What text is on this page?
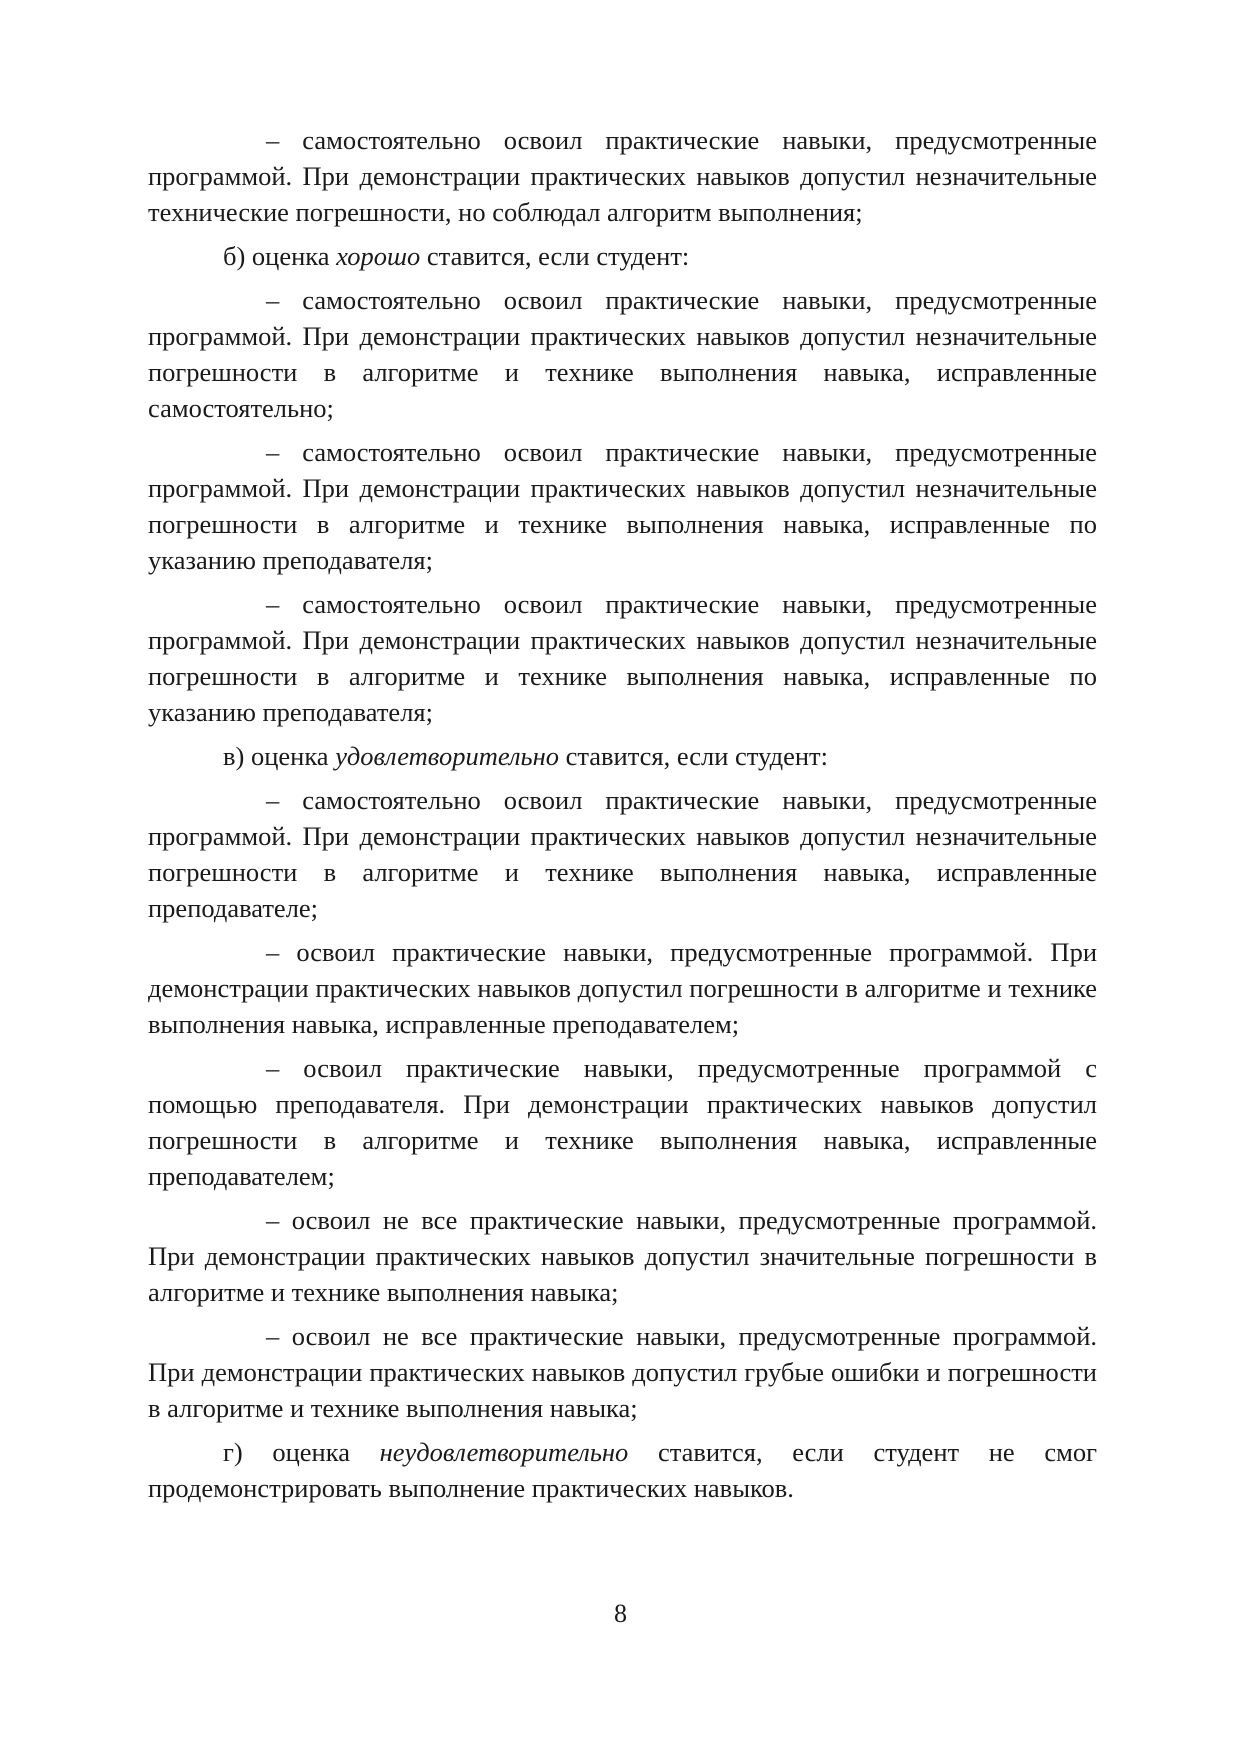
– самостоятельно освоил практические навыки, предусмотренные программой. При демонстрации практических навыков допустил незначительные технические погрешности, но соблюдал алгоритм выполнения;

б) оценка хорошо ставится, если студент:

– самостоятельно освоил практические навыки, предусмотренные программой. При демонстрации практических навыков допустил незначительные погрешности в алгоритме и технике выполнения навыка, исправленные самостоятельно;

– самостоятельно освоил практические навыки, предусмотренные программой. При демонстрации практических навыков допустил незначительные погрешности в алгоритме и технике выполнения навыка, исправленные по указанию преподавателя;

– самостоятельно освоил практические навыки, предусмотренные программой. При демонстрации практических навыков допустил незначительные погрешности в алгоритме и технике выполнения навыка, исправленные по указанию преподавателя;

в) оценка удовлетворительно ставится, если студент:

– самостоятельно освоил практические навыки, предусмотренные программой. При демонстрации практических навыков допустил незначительные погрешности в алгоритме и технике выполнения навыка, исправленные преподавателе;

– освоил практические навыки, предусмотренные программой. При демонстрации практических навыков допустил погрешности в алгоритме и технике выполнения навыка, исправленные преподавателем;

– освоил практические навыки, предусмотренные программой с помощью преподавателя. При демонстрации практических навыков допустил погрешности в алгоритме и технике выполнения навыка, исправленные преподавателем;

– освоил не все практические навыки, предусмотренные программой. При демонстрации практических навыков допустил значительные погрешности в алгоритме и технике выполнения навыка;

– освоил не все практические навыки, предусмотренные программой. При демонстрации практических навыков допустил грубые ошибки и погрешности в алгоритме и технике выполнения навыка;

г) оценка неудовлетворительно ставится, если студент не смог продемонстрировать выполнение практических навыков.

8
